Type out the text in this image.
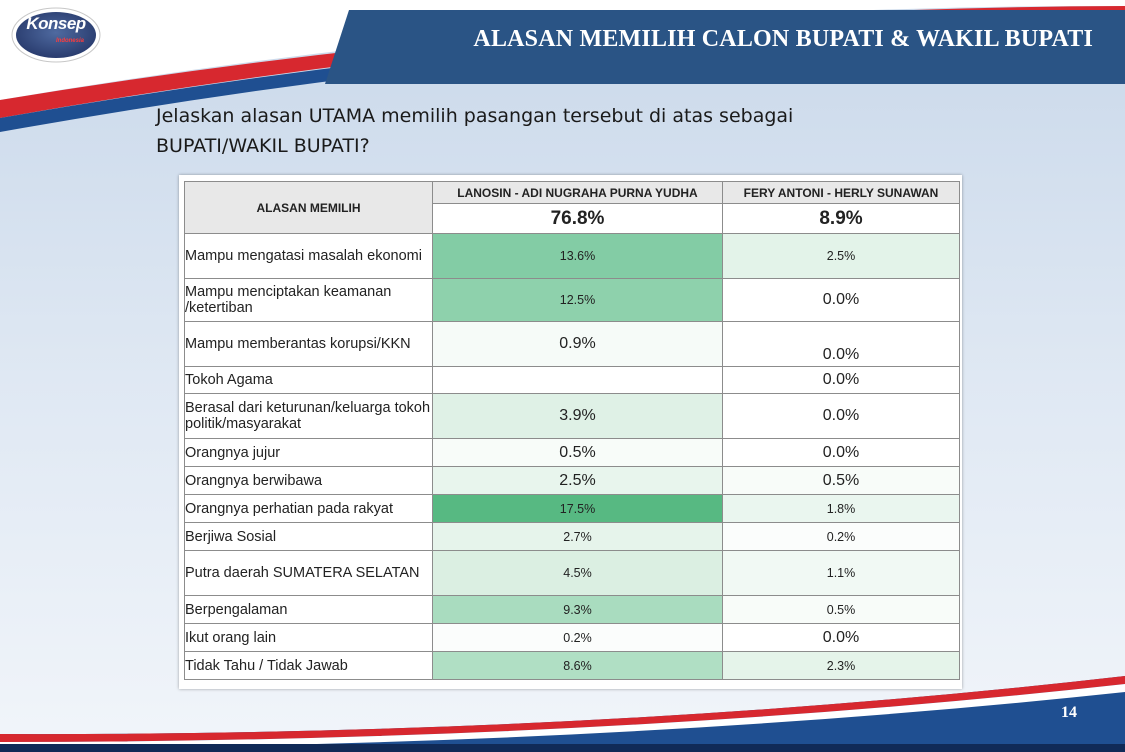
Konsep
Indonesia	ALASAN MEMILIH CALON BUPATI & WAKIL BUPATI
Jelaskan alasan UTAMA memilih pasangan tersebut di atas sebagai BUPATI/WAKIL BUPATI?
ALASAN MEMILIH	LANOSIN - ADI NUGRAHA PURNA YUDHA	FERY ANTONI - HERLY SUNAWAN
	76.8%	8.9%
Mampu mengatasi masalah ekonomi	13.6%	2.5%
Mampu menciptakan keamanan /ketertiban	12.5%	0.0%
Mampu memberantas korupsi/KKN	0.9%	0.0%
Tokoh Agama		0.0%
Berasal dari keturunan/keluarga tokoh politik/masyarakat	3.9%	0.0%
Orangnya jujur	0.5%	0.0%
Orangnya berwibawa	2.5%	0.5%
Orangnya perhatian pada rakyat	17.5%	1.8%
Berjiwa Sosial	2.7%	0.2%
Putra daerah SUMATERA SELATAN	4.5%	1.1%
Berpengalaman	9.3%	0.5%
Ikut orang lain	0.2%	0.0%
Tidak Tahu / Tidak Jawab	8.6%	2.3%
14
